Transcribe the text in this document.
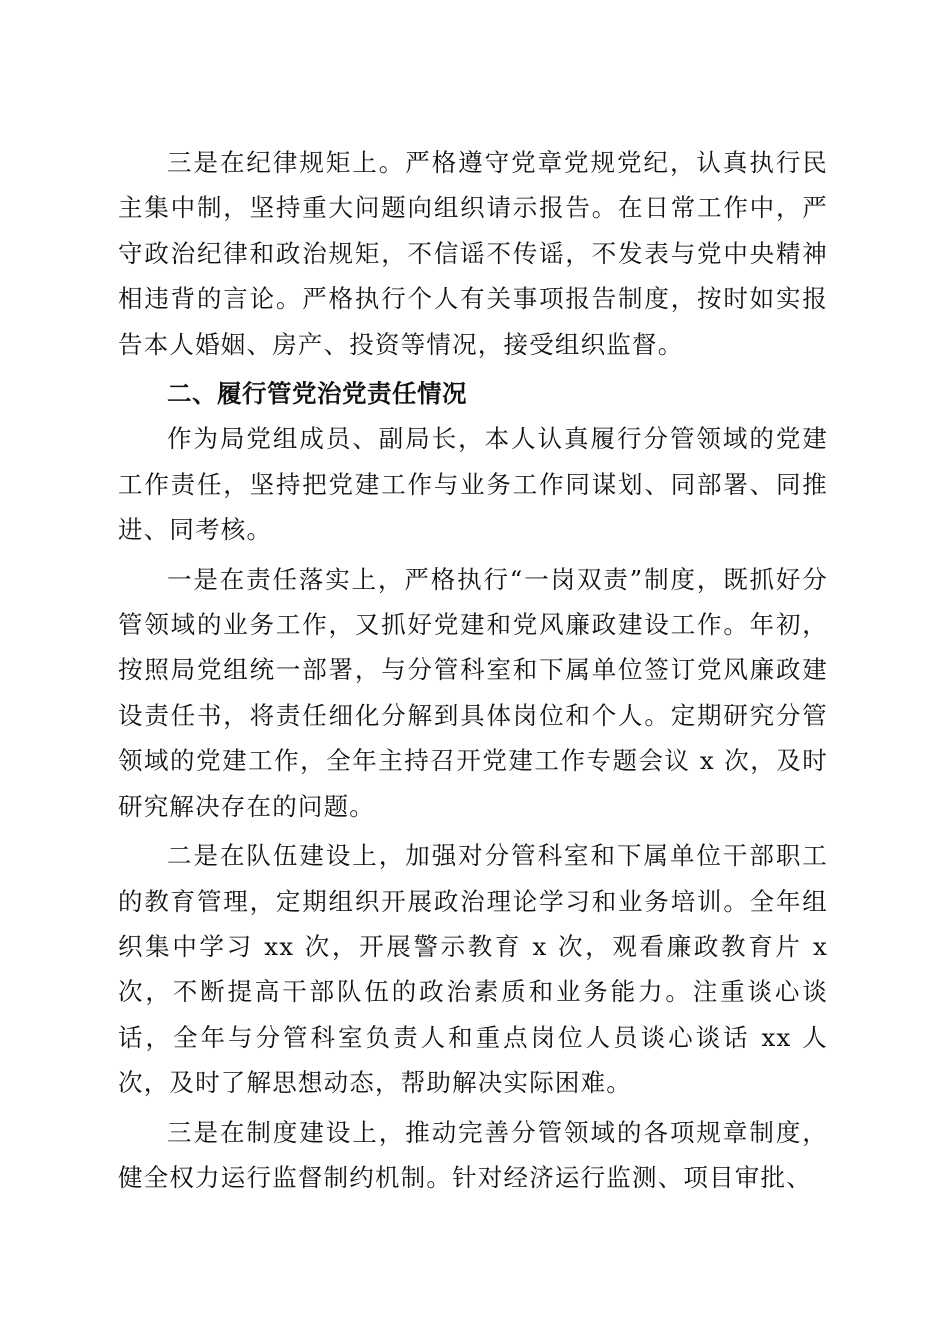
三是在纪律规矩上。严格遵守党章党规党纪，认真执行民主集中制，坚持重大问题向组织请示报告。在日常工作中，严守政治纪律和政治规矩，不信谣不传谣，不发表与党中央精神相违背的言论。严格执行个人有关事项报告制度，按时如实报告本人婚姻、房产、投资等情况，接受组织监督。

二、履行管党治党责任情况

作为局党组成员、副局长，本人认真履行分管领域的党建工作责任，坚持把党建工作与业务工作同谋划、同部署、同推进、同考核。

一是在责任落实上，严格执行“一岗双责”制度，既抓好分管领域的业务工作，又抓好党建和党风廉政建设工作。年初，按照局党组统一部署，与分管科室和下属单位签订党风廉政建设责任书，将责任细化分解到具体岗位和个人。定期研究分管领域的党建工作，全年主持召开党建工作专题会议 x 次，及时研究解决存在的问题。

二是在队伍建设上，加强对分管科室和下属单位干部职工的教育管理，定期组织开展政治理论学习和业务培训。全年组织集中学习 xx 次，开展警示教育 x 次，观看廉政教育片 x 次，不断提高干部队伍的政治素质和业务能力。注重谈心谈话，全年与分管科室负责人和重点岗位人员谈心谈话 xx 人次，及时了解思想动态，帮助解决实际困难。

三是在制度建设上，推动完善分管领域的各项规章制度，健全权力运行监督制约机制。针对经济运行监测、项目审批、
